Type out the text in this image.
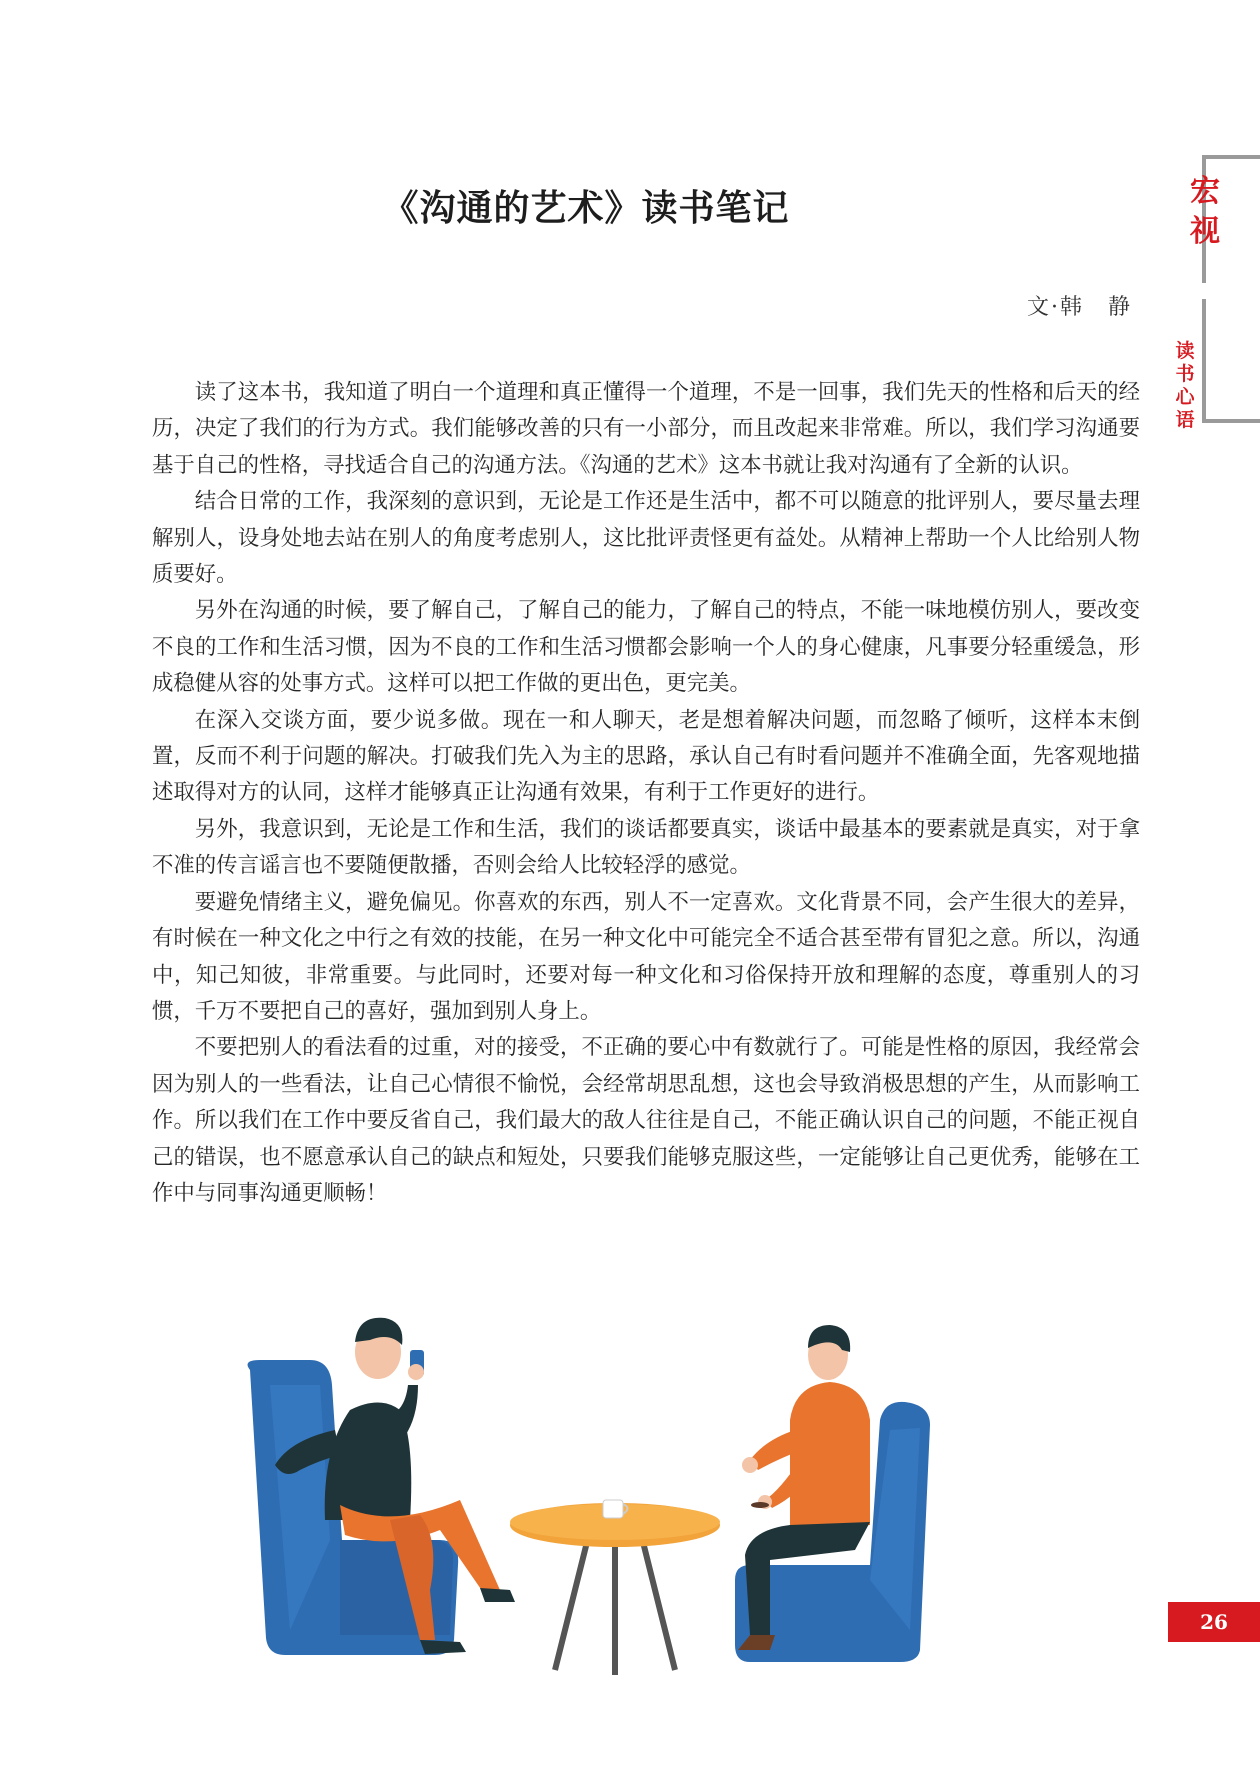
宏视
读书心语
《沟通的艺术》读书笔记
文·韩　静

读了这本书，我知道了明白一个道理和真正懂得一个道理，不是一回事，我们先天的性格和后天的经历，决定了我们的行为方式。我们能够改善的只有一小部分，而且改起来非常难。所以，我们学习沟通要基于自己的性格，寻找适合自己的沟通方法。《沟通的艺术》这本书就让我对沟通有了全新的认识。

结合日常的工作，我深刻的意识到，无论是工作还是生活中，都不可以随意的批评别人，要尽量去理解别人，设身处地去站在别人的角度考虑别人，这比批评责怪更有益处。从精神上帮助一个人比给别人物质要好。

另外在沟通的时候，要了解自己，了解自己的能力，了解自己的特点，不能一味地模仿别人，要改变不良的工作和生活习惯，因为不良的工作和生活习惯都会影响一个人的身心健康，凡事要分轻重缓急，形成稳健从容的处事方式。这样可以把工作做的更出色，更完美。

在深入交谈方面，要少说多做。现在一和人聊天，老是想着解决问题，而忽略了倾听，这样本末倒置，反而不利于问题的解决。打破我们先入为主的思路，承认自己有时看问题并不准确全面，先客观地描述取得对方的认同，这样才能够真正让沟通有效果，有利于工作更好的进行。

另外，我意识到，无论是工作和生活，我们的谈话都要真实，谈话中最基本的要素就是真实，对于拿不准的传言谣言也不要随便散播，否则会给人比较轻浮的感觉。

要避免情绪主义，避免偏见。你喜欢的东西，别人不一定喜欢。文化背景不同，会产生很大的差异，有时候在一种文化之中行之有效的技能，在另一种文化中可能完全不适合甚至带有冒犯之意。所以，沟通中，知己知彼，非常重要。与此同时，还要对每一种文化和习俗保持开放和理解的态度，尊重别人的习惯，千万不要把自己的喜好，强加到别人身上。

不要把别人的看法看的过重，对的接受，不正确的要心中有数就行了。可能是性格的原因，我经常会因为别人的一些看法，让自己心情很不愉悦，会经常胡思乱想，这也会导致消极思想的产生，从而影响工作。所以我们在工作中要反省自己，我们最大的敌人往往是自己，不能正确认识自己的问题，不能正视自己的错误，也不愿意承认自己的缺点和短处，只要我们能够克服这些，一定能够让自己更优秀，能够在工作中与同事沟通更顺畅！

26
